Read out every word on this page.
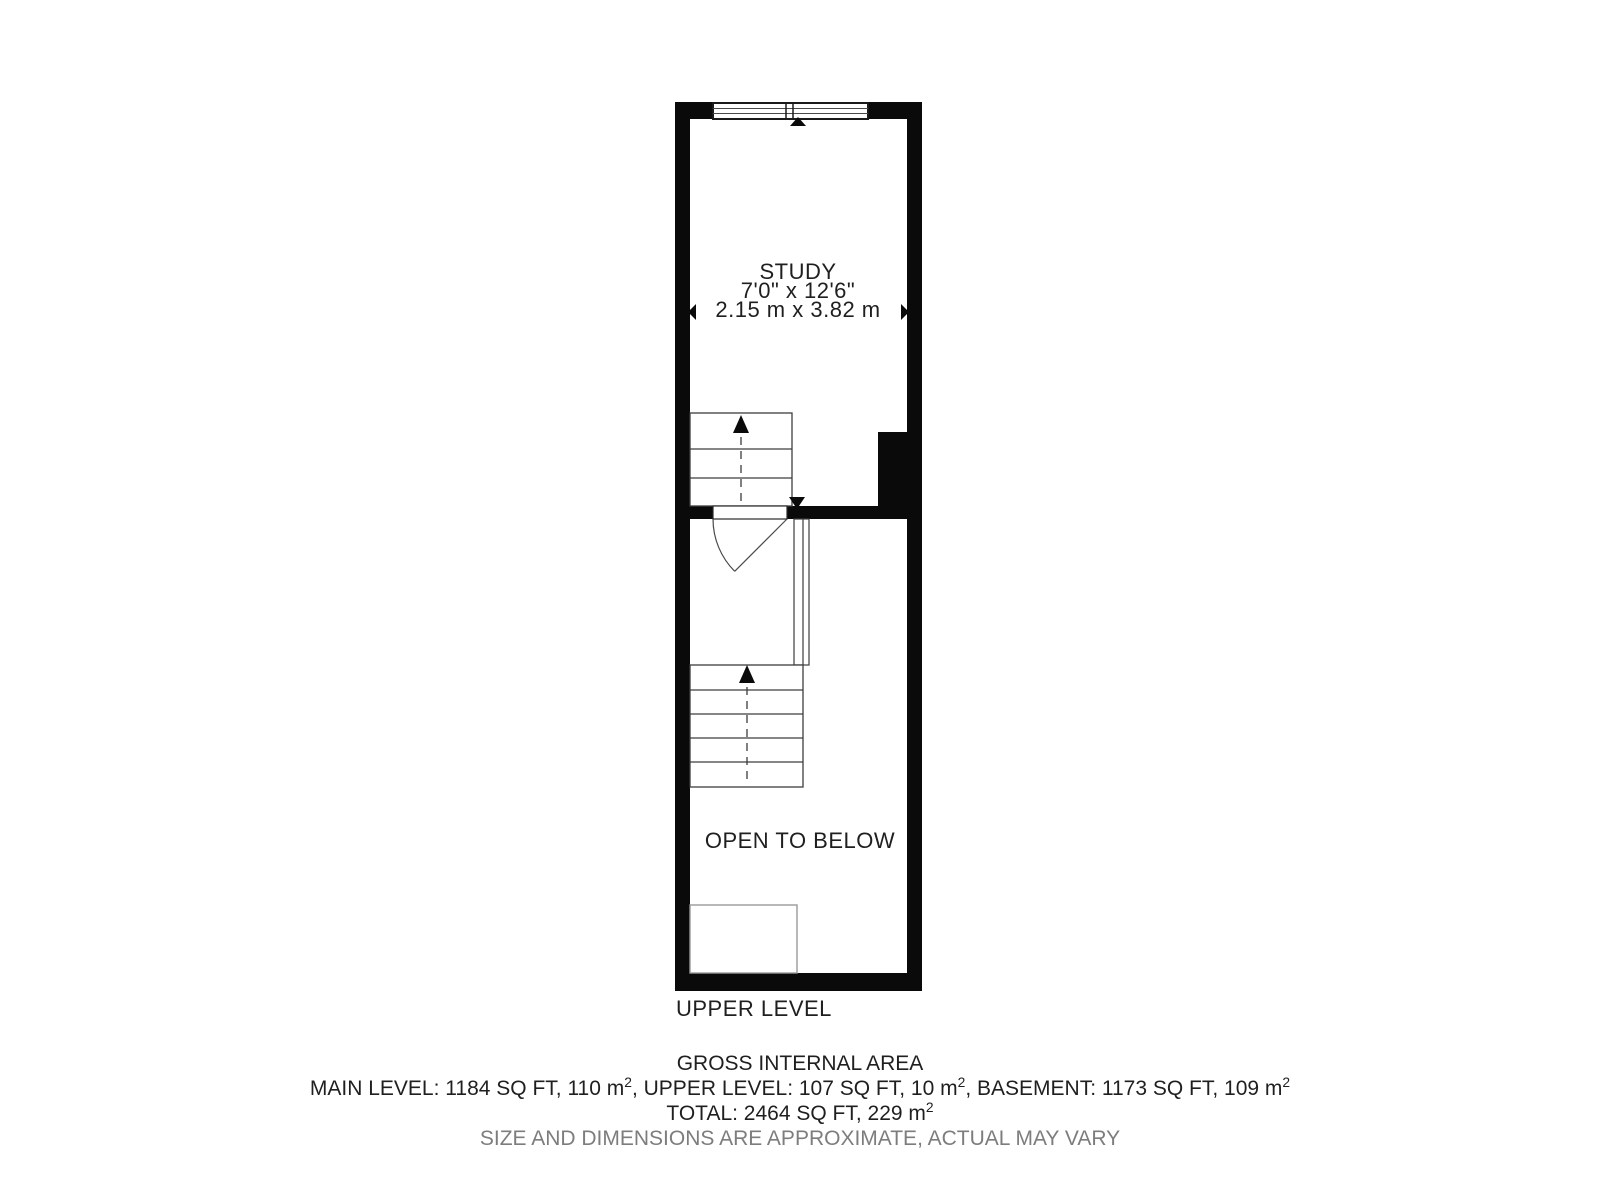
STUDY
7'0" x 12'6"
2.15 m x 3.82 m
OPEN TO BELOW
UPPER LEVEL
GROSS INTERNAL AREA
MAIN LEVEL: 1184 SQ FT, 110 $m^2$, UPPER LEVEL: 107 SQ FT, 10 $m^2$, BASEMENT: 1173 SQ FT, 109 $m^2$
TOTAL: 2464 SQ FT, 229 $m^2$
SIZE AND DIMENSIONS ARE APPROXIMATE, ACTUAL MAY VARY
